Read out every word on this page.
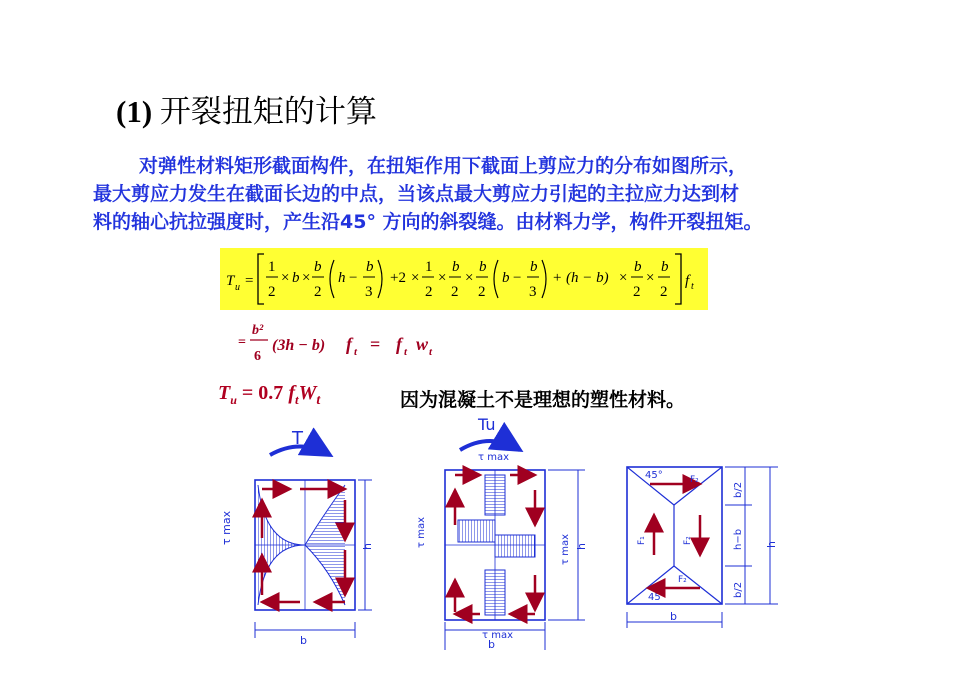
(1) 开裂扭矩的计算
对弹性材料矩形截面构件，在扭矩作用下截面上剪应力的分布如图所示，
最大剪应力发生在截面长边的中点，当该点最大剪应力引起的主拉应力达到材
料的轴心抗拉强度时，产生沿45° 方向的斜裂缝。由材料力学，构件开裂扭矩。
T u =
1
2
× b ×
b
2
h −
b
3
+2 ×
1
2
×
b
2
×
b
2
b −
b
3
+ (h − b) ×
b
2
×
b
2
f t
=
b²
6
(3h − b) f t = f t w t
$T_u = 0.7$ $f_tW_t$	因为混凝土不是理想的塑性材料。
T
h
b
τ max
Tu
τ max
h
τ max
τ max
τ max
b
45°
45°
F₂
F₂
F₁	F₂
b/2
h−b
b/2
h
b
